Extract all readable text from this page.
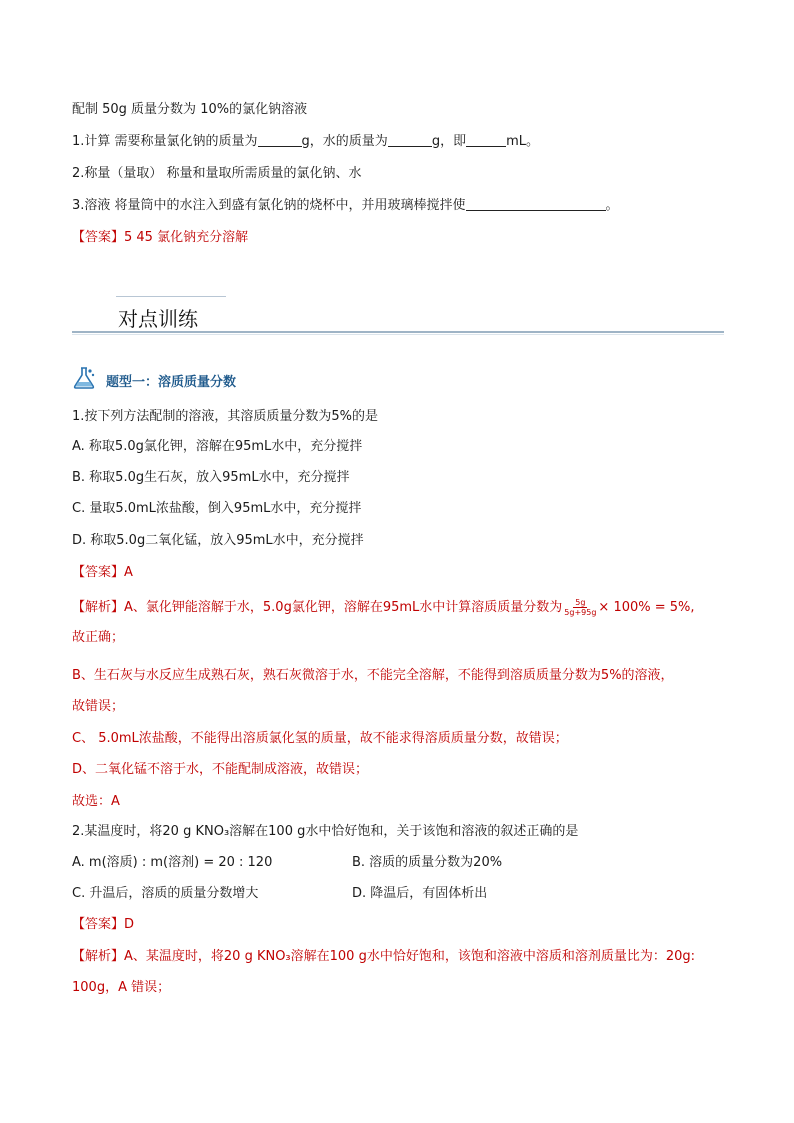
配制 50g 质量分数为 10%的氯化钠溶液
1.计算 需要称量氯化钠的质量为	g，水的质量为	g，即	mL。
2.称量（量取） 称量和量取所需质量的氯化钠、水
3.溶液 将量筒中的水注入到盛有氯化钠的烧杯中，并用玻璃棒搅拌使	。
【答案】5 45 氯化钠充分溶解
对点训练
题型一：溶质质量分数
1.按下列方法配制的溶液，其溶质质量分数为5%的是
A. 称取5.0g氯化钾，溶解在95mL水中，充分搅拌
B. 称取5.0g生石灰，放入95mL水中，充分搅拌
C. 量取5.0mL浓盐酸，倒入95mL水中，充分搅拌
D. 称取5.0g二氧化锰，放入95mL水中，充分搅拌
【答案】A
【解析】A、氯化钾能溶解于水，5.0g氯化钾，溶解在95mL水中计算溶质质量分数为 $\frac{5g}{5g+95g} \times 100\% = 5\%$,
故正确；
B、生石灰与水反应生成熟石灰，熟石灰微溶于水，不能完全溶解，不能得到溶质质量分数为5%的溶液，
故错误；
C、 5.0mL浓盐酸，不能得出溶质氯化氢的质量，故不能求得溶质质量分数，故错误；
D、二氧化锰不溶于水，不能配制成溶液，故错误；
故选：A
2.某温度时，将20 g KNO₃溶解在100 g水中恰好饱和，关于该饱和溶液的叙述正确的是
A. m(溶质) : m(溶剂) = 20 : 120	B. 溶质的质量分数为20%
C. 升温后，溶质的质量分数增大	D. 降温后，有固体析出
【答案】D
【解析】A、某温度时，将20 g KNO₃溶解在100 g水中恰好饱和，该饱和溶液中溶质和溶剂质量比为：20g:
100g，A 错误；
